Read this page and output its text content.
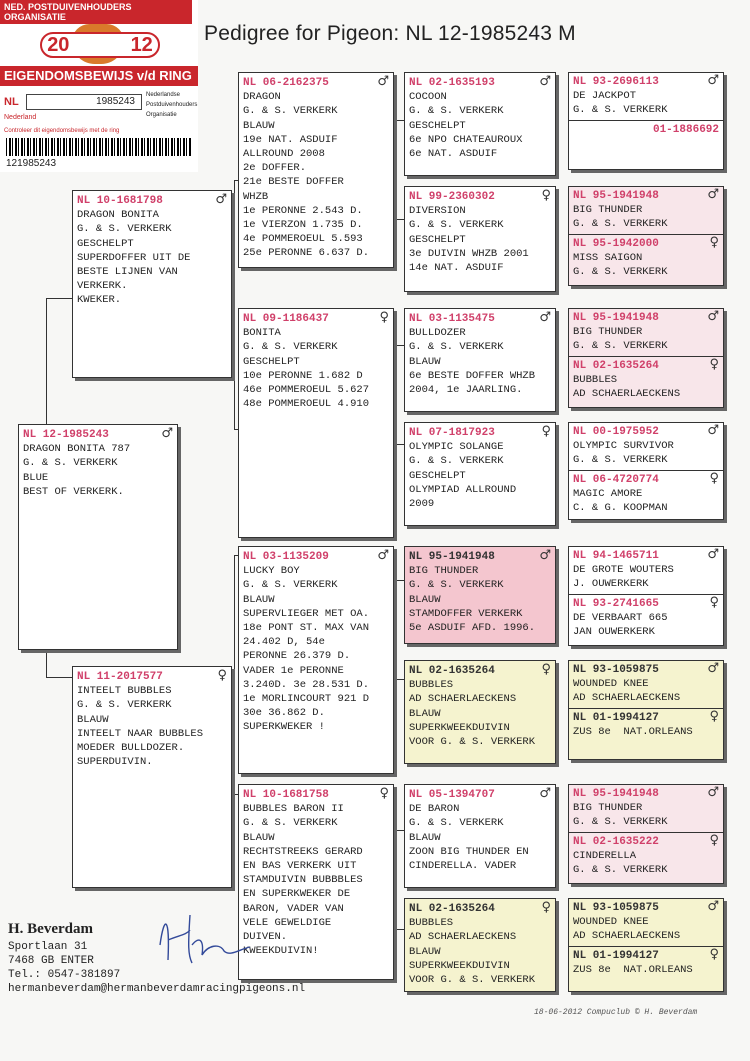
Pedigree for Pigeon: NL 12-1985243 M
NED. POSTDUIVENHOUDERS ORGANISATIE
20	12
EIGENDOMSBEWIJS v/d RING
NL	1985243
Nederland
Nederlandse
Postduivenhouders
Organisatie
Controleer dit eigendomsbewijs met de ring
121985243
NL 12-1985243	♂
DRAGON BONITA 787
G. & S. VERKERK
BLUE
BEST OF VERKERK.
NL 10-1681798	♂
DRAGON BONITA
G. & S. VERKERK
GESCHELPT
SUPERDOFFER UIT DE
BESTE LIJNEN VAN
VERKERK.
KWEKER.
NL 11-2017577	♀
INTEELT BUBBLES
G. & S. VERKERK
BLAUW
INTEELT NAAR BUBBLES
MOEDER BULLDOZER.
SUPERDUIVIN.
NL 06-2162375	♂
DRAGON
G. & S. VERKERK
BLAUW
19e NAT. ASDUIF
ALLROUND 2008
2e DOFFER.
21e BESTE DOFFER
WHZB
1e PERONNE 2.543 D.
1e VIERZON 1.735 D.
4e POMMEROEUL 5.593
25e PERONNE 6.637 D.
NL 09-1186437	♀
BONITA
G. & S. VERKERK
GESCHELPT
10e PERONNE 1.682 D
46e POMMEROEUL 5.627
48e POMMEROEUL 4.910
NL 03-1135209	♂
LUCKY BOY
G. & S. VERKERK
BLAUW
SUPERVLIEGER MET OA.
18e PONT ST. MAX VAN
24.402 D, 54e
PERONNE 26.379 D.
VADER 1e PERONNE
3.240D. 3e 28.531 D.
1e MORLINCOURT 921 D
30e 36.862 D.
SUPERKWEKER !
NL 10-1681758	♀
BUBBLES BARON II
G. & S. VERKERK
BLAUW
RECHTSTREEKS GERARD
EN BAS VERKERK UIT
STAMDUIVIN BUBBBLES
EN SUPERKWEKER DE
BARON, VADER VAN
VELE GEWELDIGE
DUIVEN.
KWEEKDUIVIN!
NL 02-1635193	♂
COCOON
G. & S. VERKERK
GESCHELPT
6e NPO CHATEAUROUX
6e NAT. ASDUIF
NL 99-2360302	♀
DIVERSION
G. & S. VERKERK
GESCHELPT
3e DUIVIN WHZB 2001
14e NAT. ASDUIF
NL 03-1135475	♂
BULLDOZER
G. & S. VERKERK
BLAUW
6e BESTE DOFFER WHZB
2004, 1e JAARLING.
NL 07-1817923	♀
OLYMPIC SOLANGE
G. & S. VERKERK
GESCHELPT
OLYMPIAD ALLROUND
2009
NL 95-1941948	♂
BIG THUNDER
G. & S. VERKERK
BLAUW
STAMDOFFER VERKERK
5e ASDUIF AFD. 1996.
NL 02-1635264	♀
BUBBLES
AD SCHAERLAECKENS
BLAUW
SUPERKWEEKDUIVIN
VOOR G. & S. VERKERK
NL 05-1394707	♂
DE BARON
G. & S. VERKERK
BLAUW
ZOON BIG THUNDER EN
CINDERELLA. VADER
NL 02-1635264	♀
BUBBLES
AD SCHAERLAECKENS
BLAUW
SUPERKWEEKDUIVIN
VOOR G. & S. VERKERK
NL 93-2696113	♂
DE JACKPOT
G. & S. VERKERK
01-1886692
NL 95-1941948	♂
BIG THUNDER
G. & S. VERKERK
NL 95-1942000	♀
MISS SAIGON
G. & S. VERKERK
NL 95-1941948	♂
BIG THUNDER
G. & S. VERKERK
NL 02-1635264	♀
BUBBLES
AD SCHAERLAECKENS
NL 00-1975952	♂
OLYMPIC SURVIVOR
G. & S. VERKERK
NL 06-4720774	♀
MAGIC AMORE
C. & G. KOOPMAN
NL 94-1465711	♂
DE GROTE WOUTERS
J. OUWERKERK
NL 93-2741665	♀
DE VERBAART 665
JAN OUWERKERK
NL 93-1059875	♂
WOUNDED KNEE
AD SCHAERLAECKENS
NL 01-1994127	♀
ZUS 8e  NAT.ORLEANS
NL 95-1941948	♂
BIG THUNDER
G. & S. VERKERK
NL 02-1635222	♀
CINDERELLA
G. & S. VERKERK
NL 93-1059875	♂
WOUNDED KNEE
AD SCHAERLAECKENS
NL 01-1994127	♀
ZUS 8e  NAT.ORLEANS
H. Beverdam
Sportlaan 31
7468 GB ENTER
Tel.: 0547-381897
hermanbeverdam@hermanbeverdamracingpigeons.nl
18-06-2012 Compuclub © H. Beverdam
